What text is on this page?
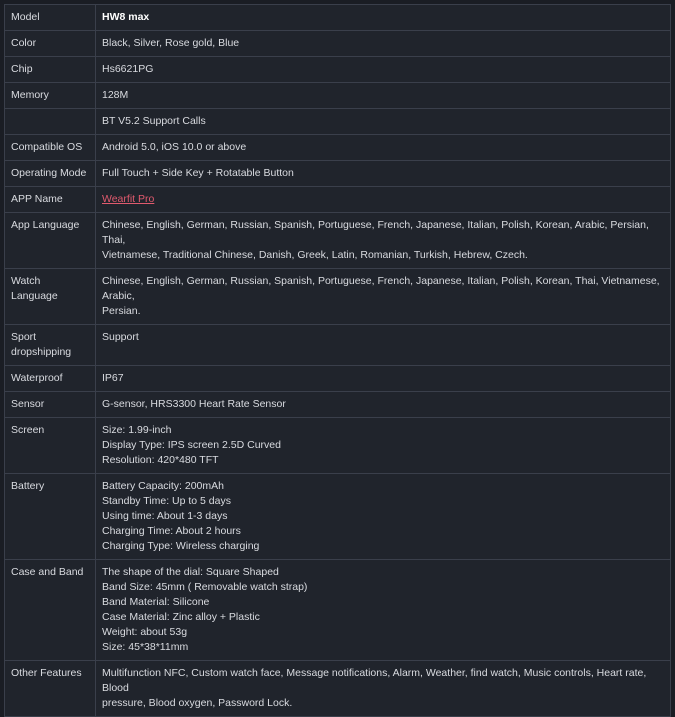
Model	HW8 max

Color	Black, Silver, Rose gold, Blue

Chip	Hs6621PG

Memory	128M

	BT V5.2 Support Calls

Compatible OS	Android 5.0, iOS 10.0 or above

Operating Mode	Full Touch + Side Key + Rotatable Button

APP Name	Wearfit Pro

App Language	Chinese, English, German, Russian, Spanish, Portuguese, French, Japanese, Italian, Polish, Korean, Arabic, Persian, Thai,
Vietnamese, Traditional Chinese, Danish, Greek, Latin, Romanian, Turkish, Hebrew, Czech.

Watch Language	Chinese, English, German, Russian, Spanish, Portuguese, French, Japanese, Italian, Polish, Korean, Thai, Vietnamese, Arabic,
Persian.

Sport
dropshipping	Support

Waterproof	IP67

Sensor	G-sensor, HRS3300 Heart Rate Sensor

Screen	Size: 1.99-inch
Display Type: IPS screen 2.5D Curved
Resolution: 420*480 TFT

Battery	Battery Capacity: 200mAh
Standby Time: Up to 5 days
Using time: About 1-3 days
Charging Time: About 2 hours
Charging Type: Wireless charging

Case and Band	The shape of the dial: Square Shaped
Band Size: 45mm ( Removable watch strap)
Band Material: Silicone
Case Material: Zinc alloy + Plastic
Weight: about 53g
Size: 45*38*11mm

Other Features	Multifunction NFC, Custom watch face, Message notifications, Alarm, Weather, find watch, Music controls, Heart rate, Blood
pressure, Blood oxygen, Password Lock.
